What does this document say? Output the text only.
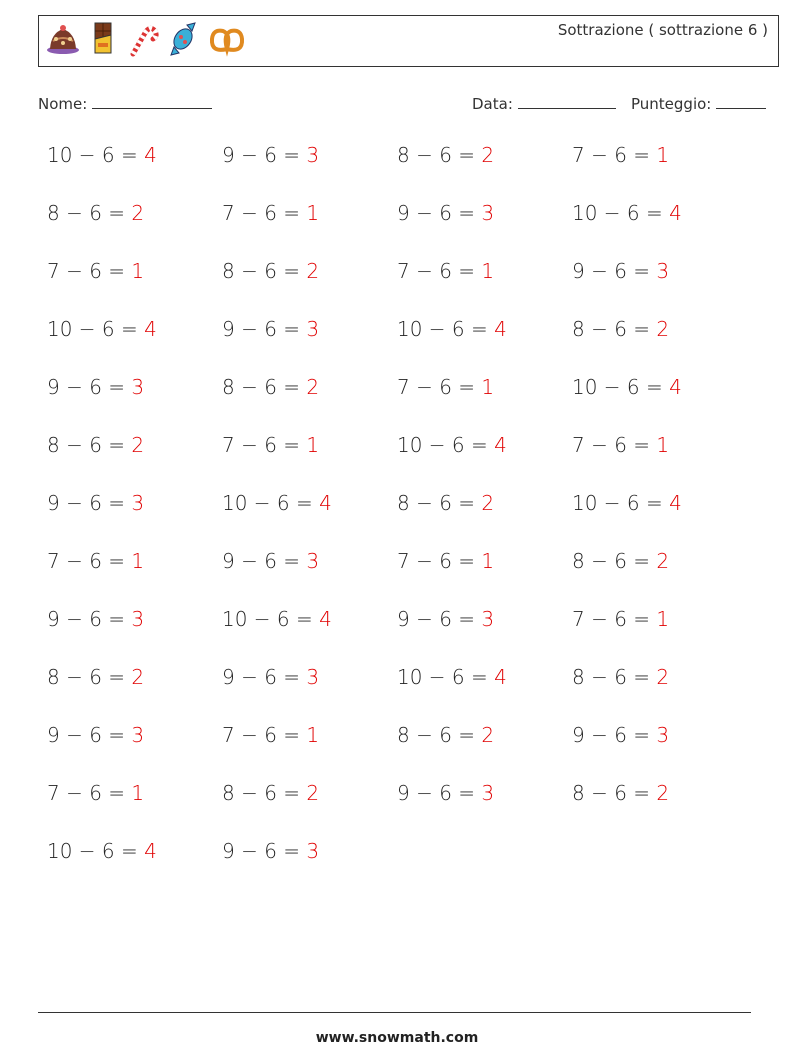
Sottrazione ( sottrazione 6 )
Nome:	Data:	Punteggio:
10 − 6 = 4	9 − 6 = 3	8 − 6 = 2	7 − 6 = 1
8 − 6 = 2	7 − 6 = 1	9 − 6 = 3	10 − 6 = 4
7 − 6 = 1	8 − 6 = 2	7 − 6 = 1	9 − 6 = 3
10 − 6 = 4	9 − 6 = 3	10 − 6 = 4	8 − 6 = 2
9 − 6 = 3	8 − 6 = 2	7 − 6 = 1	10 − 6 = 4
8 − 6 = 2	7 − 6 = 1	10 − 6 = 4	7 − 6 = 1
9 − 6 = 3	10 − 6 = 4	8 − 6 = 2	10 − 6 = 4
7 − 6 = 1	9 − 6 = 3	7 − 6 = 1	8 − 6 = 2
9 − 6 = 3	10 − 6 = 4	9 − 6 = 3	7 − 6 = 1
8 − 6 = 2	9 − 6 = 3	10 − 6 = 4	8 − 6 = 2
9 − 6 = 3	7 − 6 = 1	8 − 6 = 2	9 − 6 = 3
7 − 6 = 1	8 − 6 = 2	9 − 6 = 3	8 − 6 = 2
10 − 6 = 4	9 − 6 = 3
www.snowmath.com
